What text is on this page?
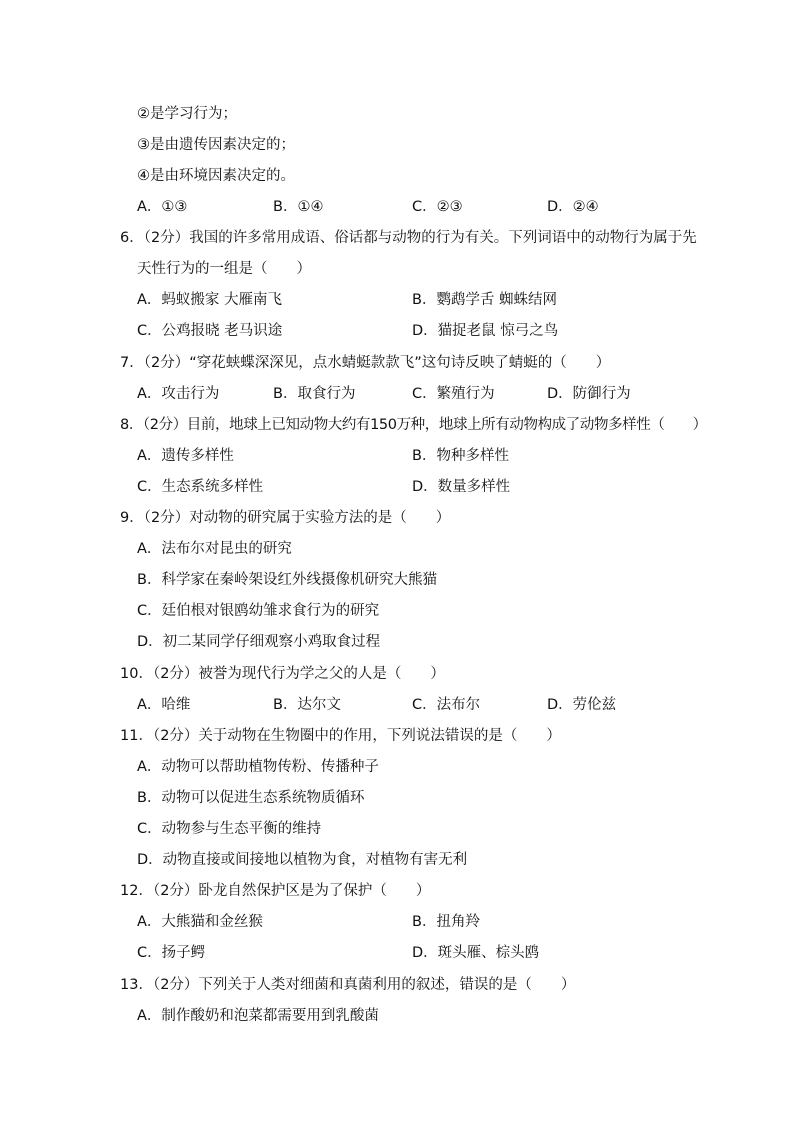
②是学习行为；
③是由遗传因素决定的；
④是由环境因素决定的。
A．①③	B．①④	C．②③	D．②④
6．（2分）我国的许多常用成语、俗话都与动物的行为有关。下列词语中的动物行为属于先
天性行为的一组是（　　）
A．蚂蚁搬家 大雁南飞	B．鹦鹉学舌 蜘蛛结网
C．公鸡报晓 老马识途	D．猫捉老鼠 惊弓之鸟
7．（2分）“穿花蛱蝶深深见，点水蜻蜓款款飞”这句诗反映了蜻蜓的（　　）
A．攻击行为	B．取食行为	C．繁殖行为	D．防御行为
8．（2分）目前，地球上已知动物大约有150万种，地球上所有动物构成了动物多样性（　　）
A．遗传多样性	B．物种多样性
C．生态系统多样性	D．数量多样性
9．（2分）对动物的研究属于实验方法的是（　　）
A．法布尔对昆虫的研究
B．科学家在秦岭架设红外线摄像机研究大熊猫
C．廷伯根对银鸥幼雏求食行为的研究
D．初二某同学仔细观察小鸡取食过程
10．（2分）被誉为现代行为学之父的人是（　　）
A．哈维	B．达尔文	C．法布尔	D．劳伦兹
11．（2分）关于动物在生物圈中的作用，下列说法错误的是（　　）
A．动物可以帮助植物传粉、传播种子
B．动物可以促进生态系统物质循环
C．动物参与生态平衡的维持
D．动物直接或间接地以植物为食，对植物有害无利
12．（2分）卧龙自然保护区是为了保护（　　）
A．大熊猫和金丝猴	B．扭角羚
C．扬子鳄	D．斑头雁、棕头鸥
13．（2分）下列关于人类对细菌和真菌利用的叙述，错误的是（　　）
A．制作酸奶和泡菜都需要用到乳酸菌
